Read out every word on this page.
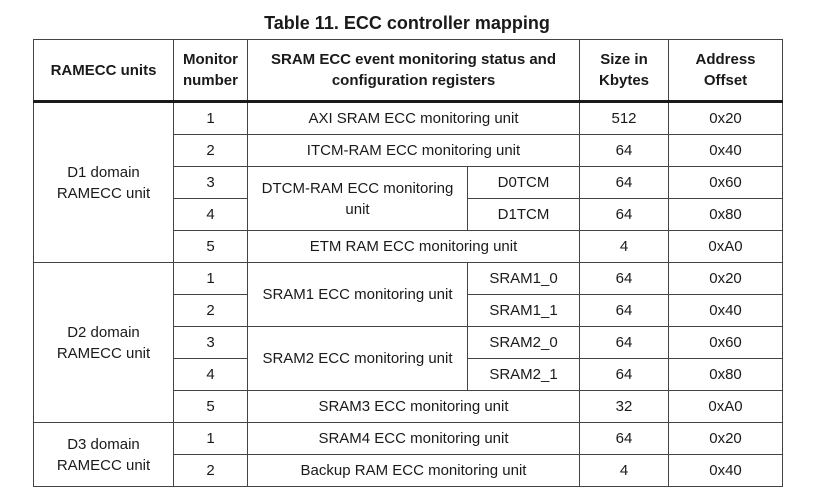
Table 11. ECC controller mapping
RAMECC units	Monitor number	SRAM ECC event monitoring status and configuration registers		Size in Kbytes	Address Offset
D1 domain RAMECC unit	1	AXI SRAM ECC monitoring unit		512	0x20
	2	ITCM-RAM ECC monitoring unit		64	0x40
	3	DTCM-RAM ECC monitoring unit	D0TCM	64	0x60
	4		D1TCM	64	0x80
	5	ETM RAM ECC monitoring unit		4	0xA0
D2 domain RAMECC unit	1	SRAM1 ECC monitoring unit	SRAM1_0	64	0x20
	2		SRAM1_1	64	0x40
	3	SRAM2 ECC monitoring unit	SRAM2_0	64	0x60
	4		SRAM2_1	64	0x80
	5	SRAM3 ECC monitoring unit		32	0xA0
D3 domain RAMECC unit	1	SRAM4 ECC monitoring unit		64	0x20
	2	Backup RAM ECC monitoring unit		4	0x40
